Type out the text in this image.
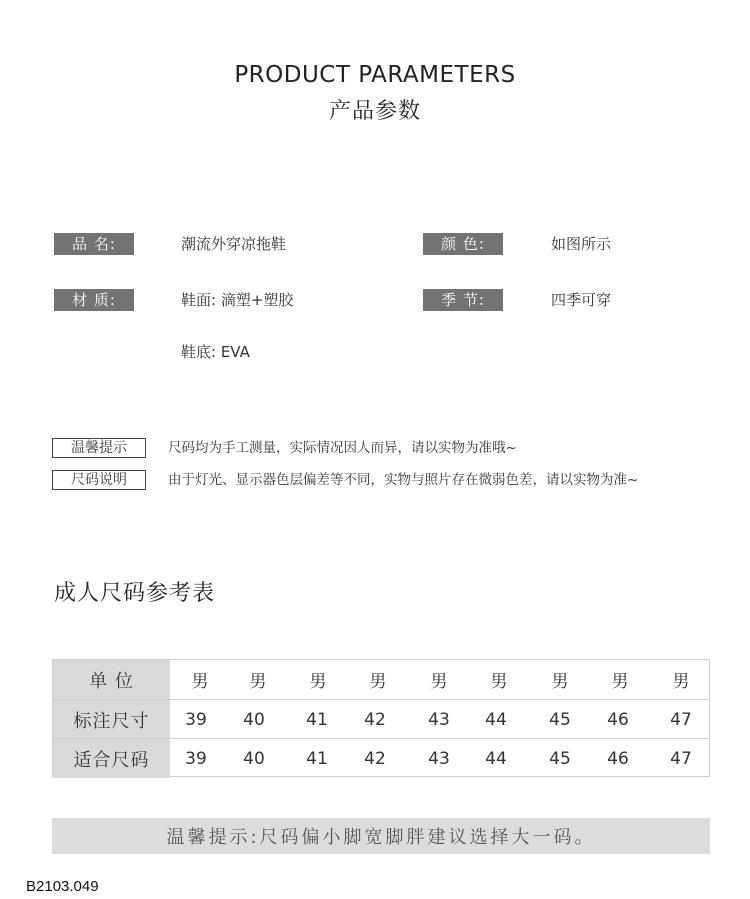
PRODUCT PARAMETERS
产品参数
品 名:	潮流外穿凉拖鞋	颜 色:	如图所示
材 质:	鞋面: 滴塑+塑胶	季 节:	四季可穿
鞋底: EVA
温馨提示	尺码均为手工测量，实际情况因人而异，请以实物为准哦~
尺码说明	由于灯光、显示器色层偏差等不同，实物与照片存在微弱色差，请以实物为准~
成人尺码参考表
单 位	男	男	男	男	男	男	男	男	男
标注尺寸	39	40	41	42	43	44	45	46	47
适合尺码	39	40	41	42	43	44	45	46	47
温馨提示:尺码偏小脚宽脚胖建议选择大一码。
B2103.049
